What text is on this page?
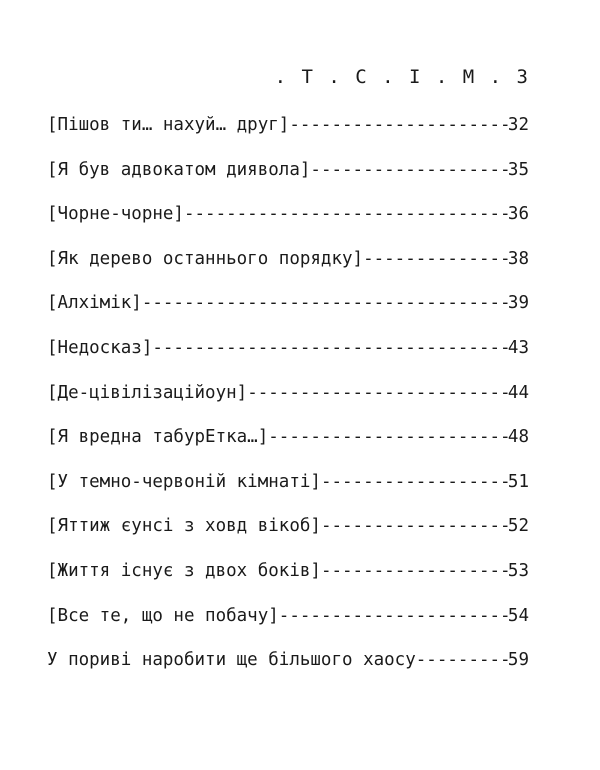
. Т . С . І . М . З
[Пішов ти… нахуй… друг] -----	32
[Я був адвокатом диявола] -----	35
[Чорне-чорне] -----	36
[Як дерево останнього порядку] -----	38
[Алхімік] -----	39
[Недосказ] -----	43
[Де-цівілізаційоун] -----	44
[Я вредна табурЕтка…] -----	48
[У темно-червоній кімнаті] -----	51
[Яттиж єунсі з ховд вікоб] -----	52
[Життя існує з двох боків] -----	53
[Все те, що не побачу] -----	54
У пориві наробити ще більшого хаосу -----	59
